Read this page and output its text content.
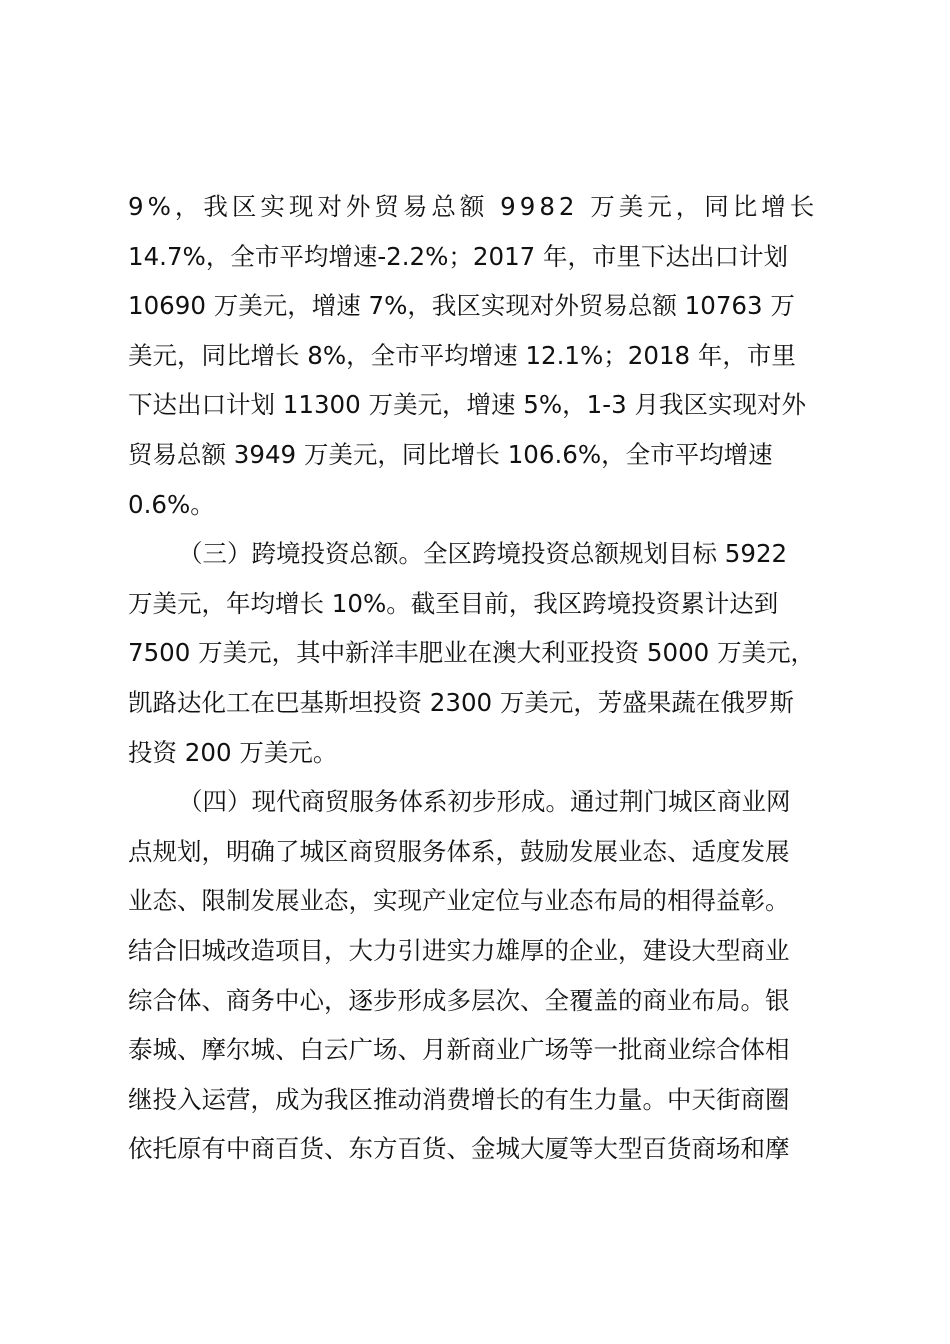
9%，我区实现对外贸易总额 9982 万美元，同比增长
14.7%，全市平均增速-2.2%；2017 年，市里下达出口计划
10690 万美元，增速 7%，我区实现对外贸易总额 10763 万
美元，同比增长 8%，全市平均增速 12.1%；2018 年，市里
下达出口计划 11300 万美元，增速 5%，1-3 月我区实现对外
贸易总额 3949 万美元，同比增长 106.6%，全市平均增速
0.6%。
（三）跨境投资总额。全区跨境投资总额规划目标 5922
万美元，年均增长 10%。截至目前，我区跨境投资累计达到
7500 万美元，其中新洋丰肥业在澳大利亚投资 5000 万美元，
凯路达化工在巴基斯坦投资 2300 万美元，芳盛果蔬在俄罗斯
投资 200 万美元。
（四）现代商贸服务体系初步形成。通过荆门城区商业网
点规划，明确了城区商贸服务体系，鼓励发展业态、适度发展
业态、限制发展业态，实现产业定位与业态布局的相得益彰。
结合旧城改造项目，大力引进实力雄厚的企业，建设大型商业
综合体、商务中心，逐步形成多层次、全覆盖的商业布局。银
泰城、摩尔城、白云广场、月新商业广场等一批商业综合体相
继投入运营，成为我区推动消费增长的有生力量。中天街商圈
依托原有中商百货、东方百货、金城大厦等大型百货商场和摩
